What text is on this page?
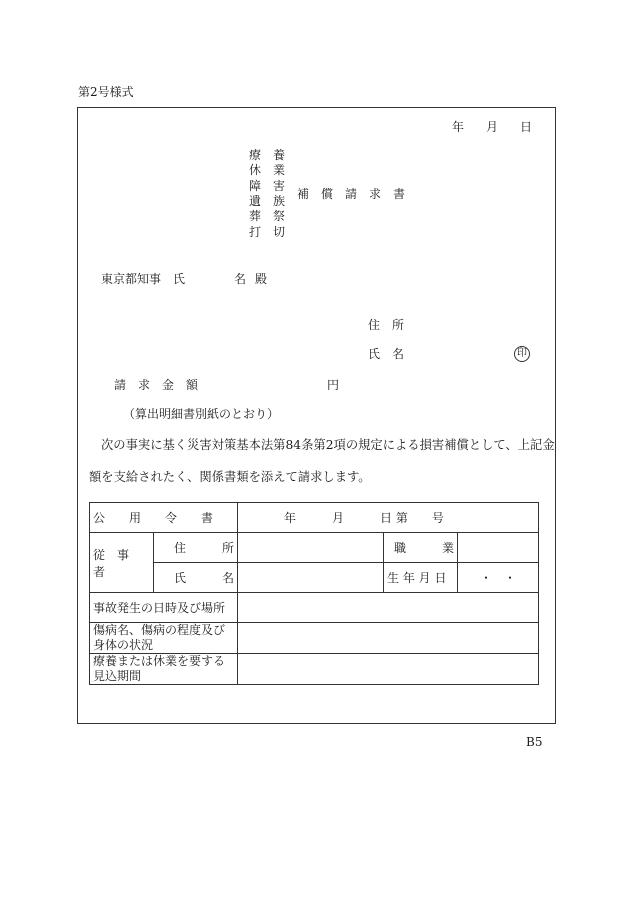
第2号様式
年 月 日
療　養
休　業
障　害
遺　族
葬　祭
打　切
補　償　請　求　書
東京都知事　氏	名 殿
住　所
氏　名	印
請　求　金　額	円
（算出明細書別紙のとおり）
次の事実に基く災害対策基本法第84条第2項の規定による損害補償として、上記金
額を支給されたく、関係書類を添えて請求します。
公　　用　　令　　書		年　　　月　　　日 第　　号		
従　事　者	住　　　所		職　　　業	
	氏　　　名		生 年 月 日	・　・
事故発生の日時及び場所				
傷病名、傷病の程度及び身体の状況				
療養または休業を要する見込期間				
B5
